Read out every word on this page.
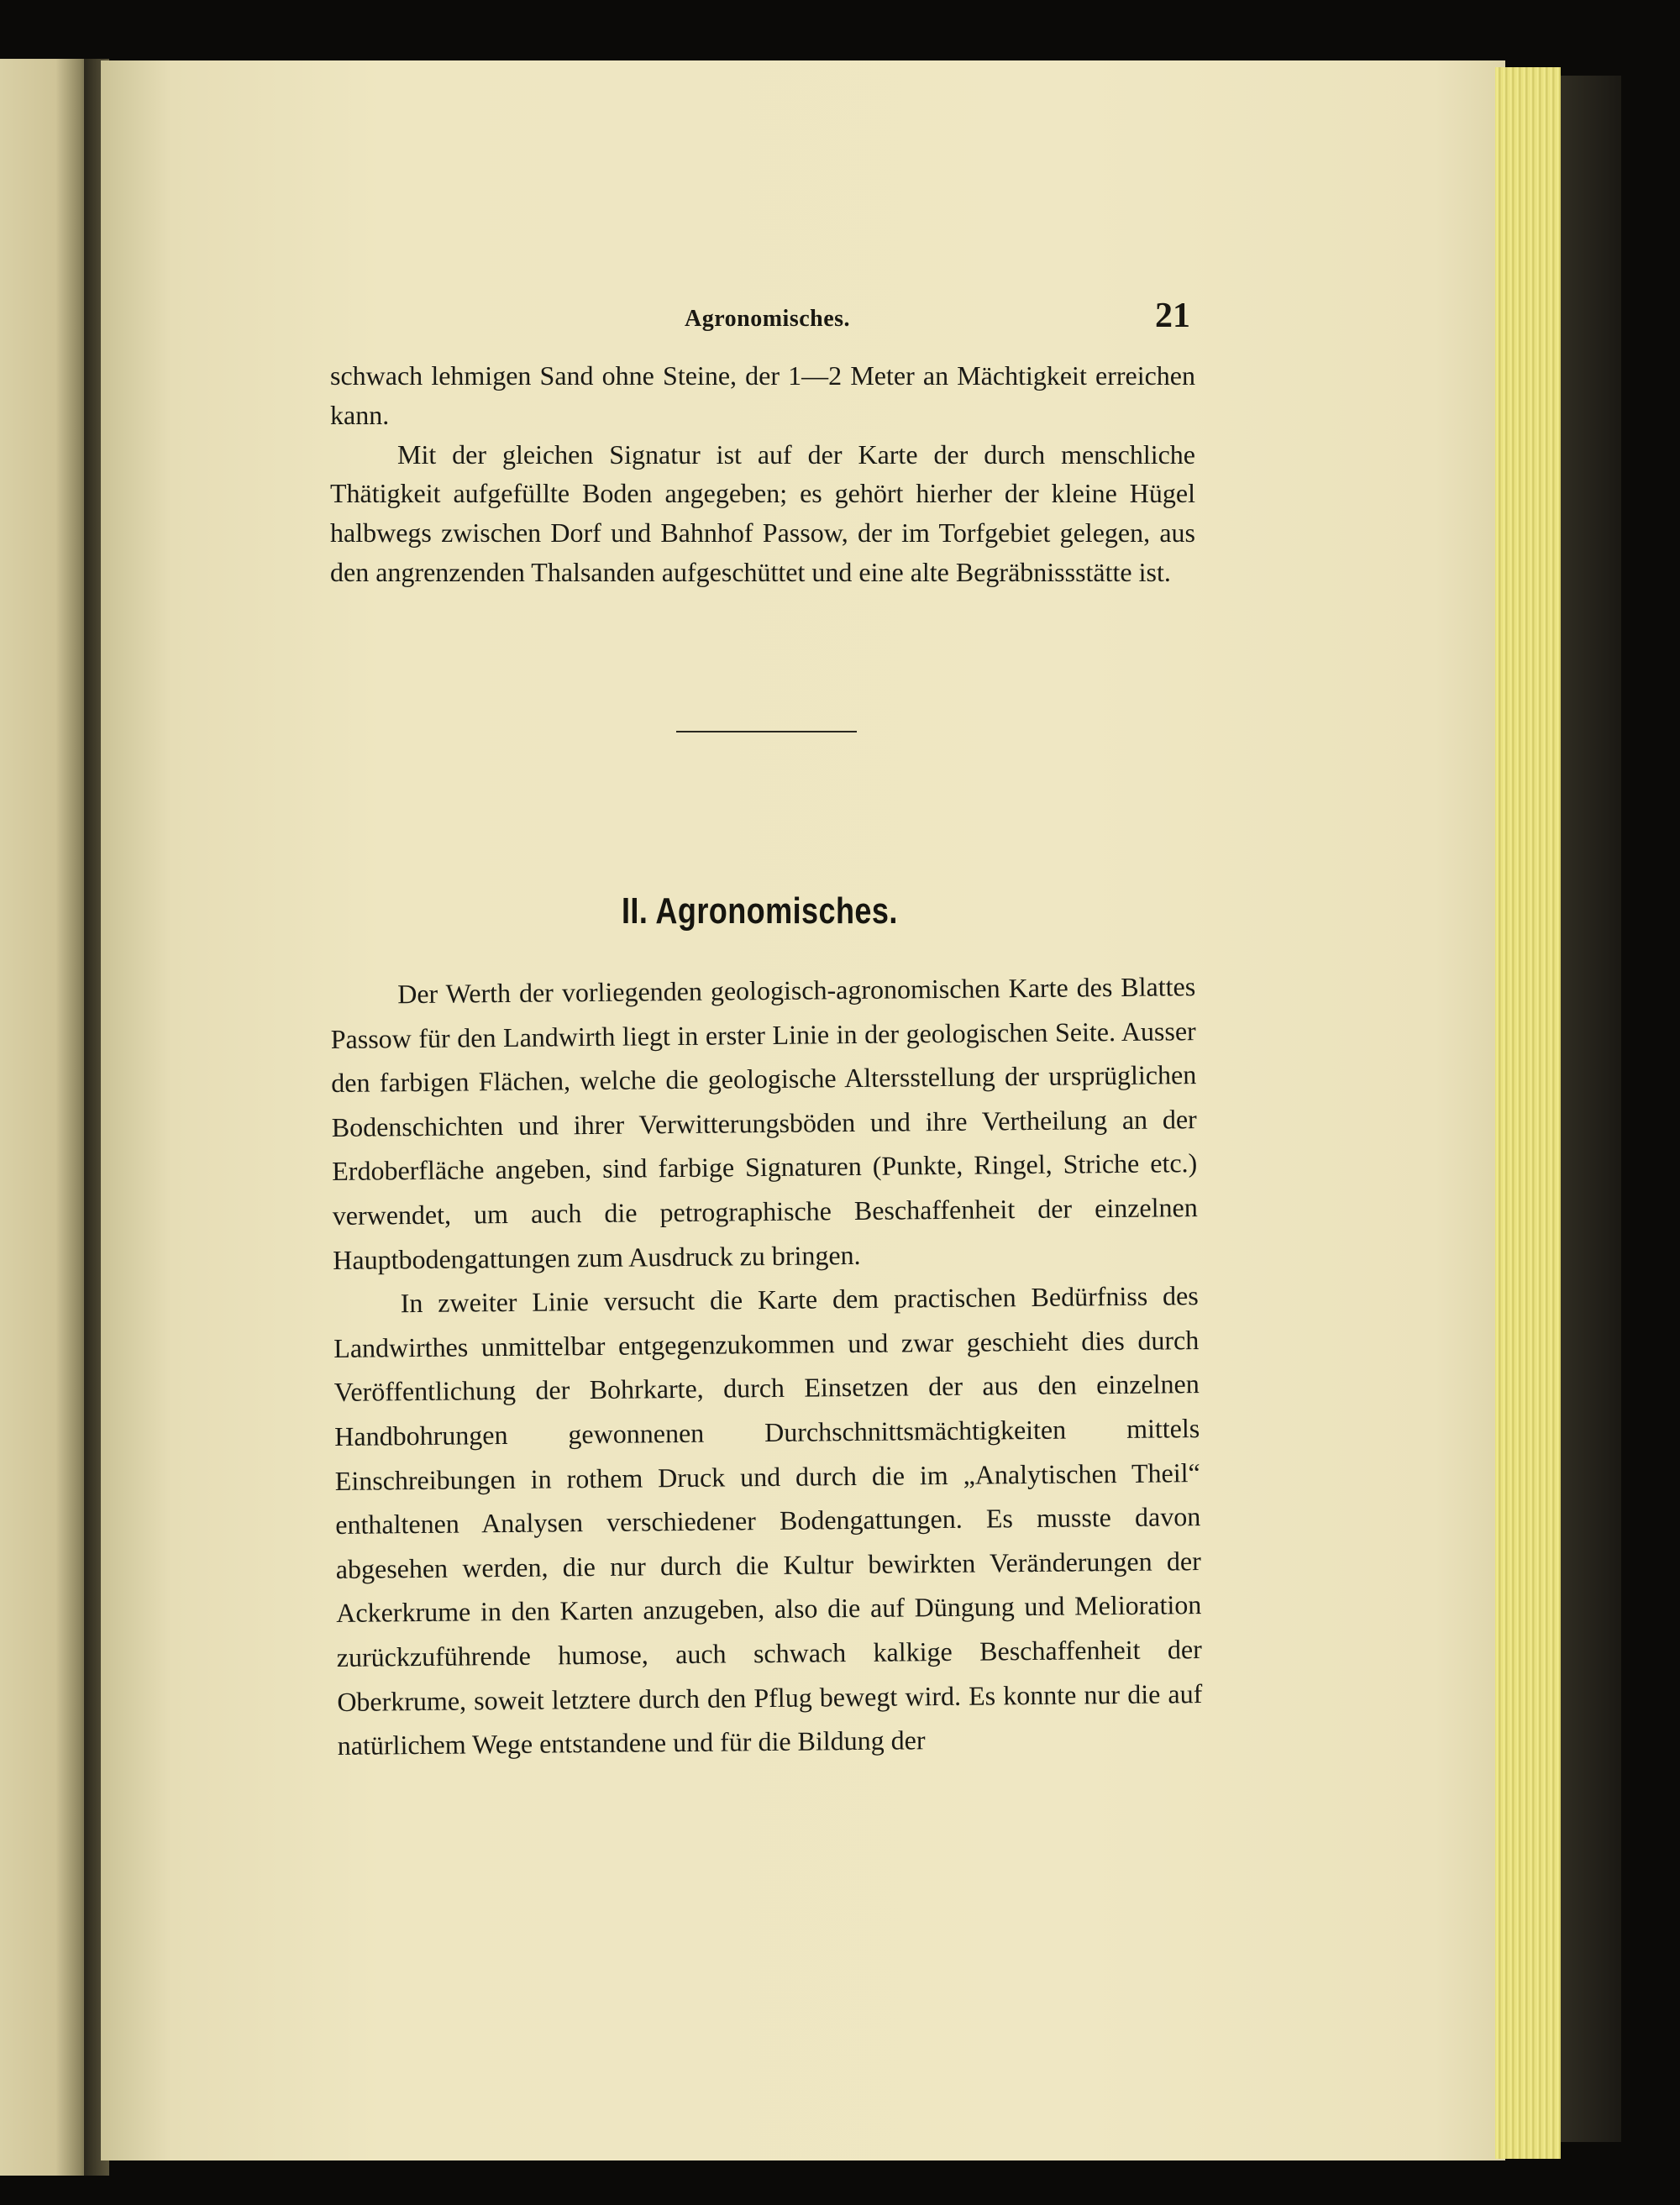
Agronomisches.	21

schwach lehmigen Sand ohne Steine, der 1—2 Meter an Mächtigkeit erreichen kann.

Mit der gleichen Signatur ist auf der Karte der durch menschliche Thätigkeit aufgefüllte Boden angegeben; es gehört hierher der kleine Hügel halbwegs zwischen Dorf und Bahnhof Passow, der im Torfgebiet gelegen, aus den angrenzenden Thalsanden aufgeschüttet und eine alte Begräbnissstätte ist.

II. Agronomisches.

Der Werth der vorliegenden geologisch-agronomischen Karte des Blattes Passow für den Landwirth liegt in erster Linie in der geologischen Seite. Ausser den farbigen Flächen, welche die geologische Altersstellung der ursprüglichen Bodenschichten und ihrer Verwitterungsböden und ihre Vertheilung an der Erdoberfläche angeben, sind farbige Signaturen (Punkte, Ringel, Striche etc.) verwendet, um auch die petrographische Beschaffenheit der einzelnen Hauptbodengattungen zum Ausdruck zu bringen.

In zweiter Linie versucht die Karte dem practischen Bedürfniss des Landwirthes unmittelbar entgegenzukommen und zwar geschieht dies durch Veröffentlichung der Bohrkarte, durch Einsetzen der aus den einzelnen Handbohrungen gewonnenen Durchschnittsmächtigkeiten mittels Einschreibungen in rothem Druck und durch die im „Analytischen Theil“ enthaltenen Analysen verschiedener Bodengattungen. Es musste davon abgesehen werden, die nur durch die Kultur bewirkten Veränderungen der Ackerkrume in den Karten anzugeben, also die auf Düngung und Melioration zurückzuführende humose, auch schwach kalkige Beschaffenheit der Oberkrume, soweit letztere durch den Pflug bewegt wird. Es konnte nur die auf natürlichem Wege entstandene und für die Bildung der
